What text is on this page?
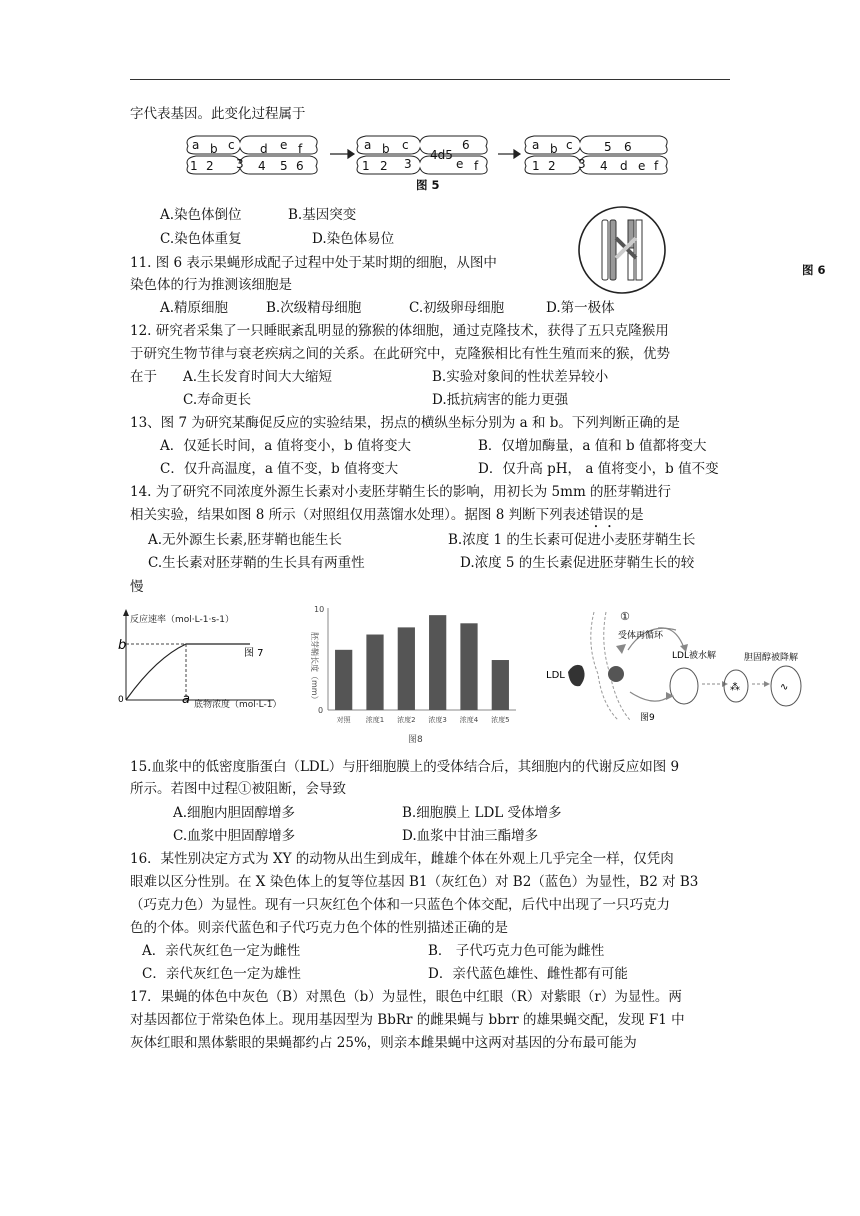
字代表基因。此变化过程属于
a b c d e f
1 2 3 4 5 6
a b c	6
4d5
e f
1 2 3
a b c	5 6
1 2 3 4 d e f
图 5
A.染色体倒位	B.基因突变
C.染色体重复	D.染色体易位
图 6
11. 图 6 表示果蝇形成配子过程中处于某时期的细胞，从图中
染色体的行为推测该细胞是
A.精原细胞	B.次级精母细胞	C.初级卵母细胞	D.第一极体
12. 研究者采集了一只睡眠紊乱明显的猕猴的体细胞，通过克隆技术，获得了五只克隆猴用
于研究生物节律与衰老疾病之间的关系。在此研究中，克隆猴相比有性生殖而来的猴，优势
在于 A.生长发育时间大大缩短	B.实验对象间的性状差异较小
C.寿命更长	D.抵抗病害的能力更强
13、图 7 为研究某酶促反应的实验结果，拐点的横纵坐标分别为 a 和 b。下列判断正确的是
A．仅延长时间，a 值将变小，b 值将变大	B．仅增加酶量，a 值和 b 值都将变大
C．仅升高温度，a 值不变，b 值将变大	D．仅升高 pH， a 值将变小，b 值不变
14. 为了研究不同浓度外源生长素对小麦胚芽鞘生长的影响，用初长为 5mm 的胚芽鞘进行
相关实验，结果如图 8 所示（对照组仅用蒸馏水处理）。据图 8 判断下列表述错误的是
A.无外源生长素,胚芽鞘也能生长	B.浓度 1 的生长素可促进小麦胚芽鞘生长
C.生长素对胚芽鞘的生长具有两重性	D.浓度 5 的生长素促进胚芽鞘生长的较
慢
反应速率（mol·L-1·s-1）
b
0	a 底物浓度（mol·L-1）
图 7
10
0
胚芽鞘长度（mm）
对照 浓度1 浓度2 浓度3 浓度4 浓度5
图8
LDL
①
受体再循环
LDL被水解
⁂	∿
胆固醇被降解
图9
15.血浆中的低密度脂蛋白（LDL）与肝细胞膜上的受体结合后，其细胞内的代谢反应如图 9
所示。若图中过程①被阻断，会导致
A.细胞内胆固醇增多	B.细胞膜上 LDL 受体增多
C.血浆中胆固醇增多	D.血浆中甘油三酯增多
16．某性别决定方式为 XY 的动物从出生到成年，雌雄个体在外观上几乎完全一样，仅凭肉
眼难以区分性别。在 X 染色体上的复等位基因 B1（灰红色）对 B2（蓝色）为显性，B2 对 B3
（巧克力色）为显性。现有一只灰红色个体和一只蓝色个体交配，后代中出现了一只巧克力
色的个体。则亲代蓝色和子代巧克力色个体的性别描述正确的是
A．亲代灰红色一定为雌性	B． 子代巧克力色可能为雌性
C．亲代灰红色一定为雄性	D．亲代蓝色雄性、雌性都有可能
17．果蝇的体色中灰色（B）对黑色（b）为显性，眼色中红眼（R）对紫眼（r）为显性。两
对基因都位于常染色体上。现用基因型为 BbRr 的雌果蝇与 bbrr 的雄果蝇交配，发现 F1 中
灰体红眼和黑体紫眼的果蝇都约占 25%，则亲本雌果蝇中这两对基因的分布最可能为
